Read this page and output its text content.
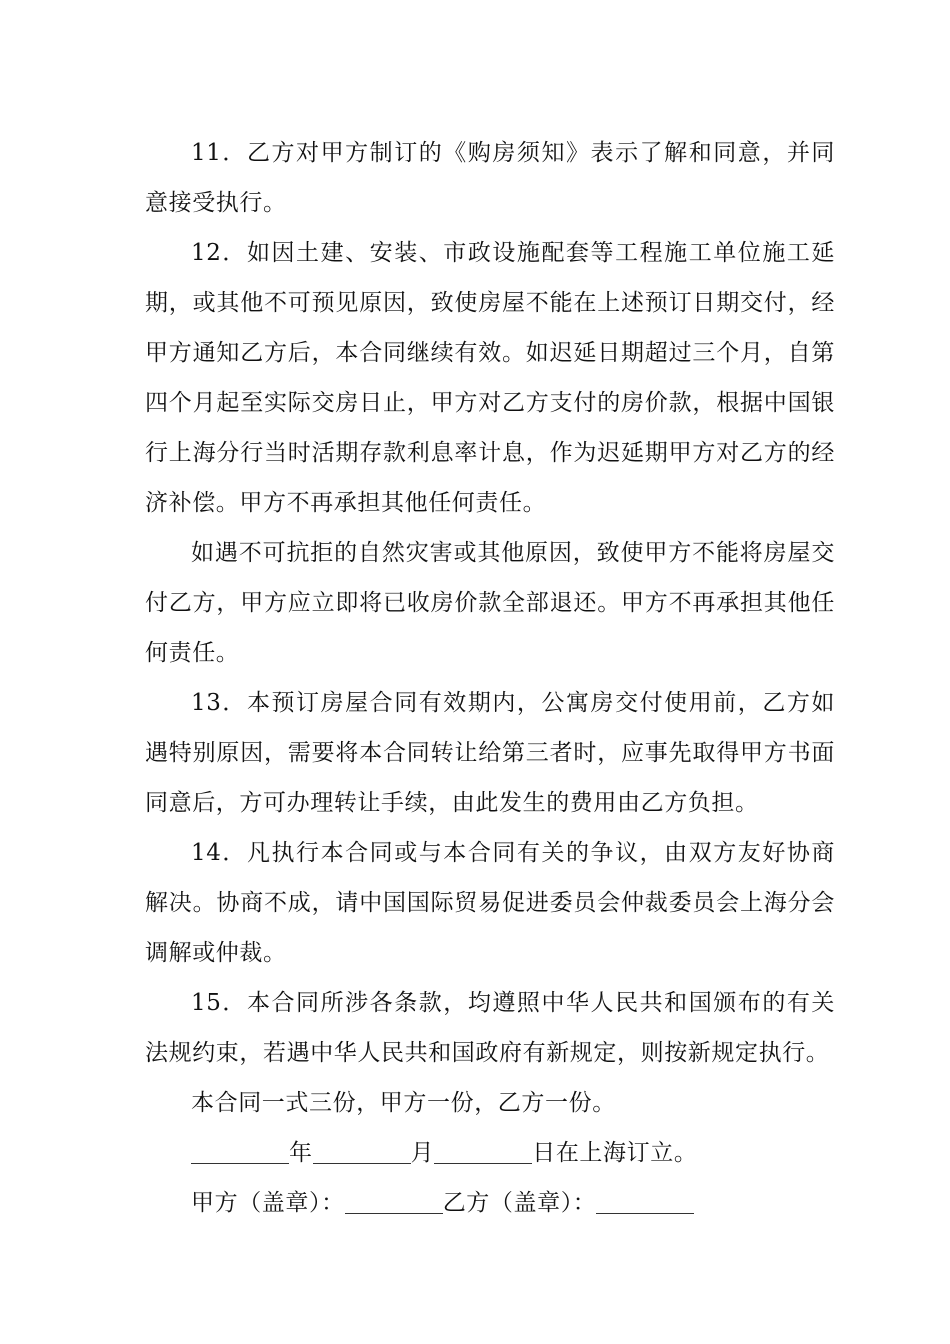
11．乙方对甲方制订的《购房须知》表示了解和同意，并同意接受执行。

12．如因土建、安装、市政设施配套等工程施工单位施工延期，或其他不可预见原因，致使房屋不能在上述预订日期交付，经甲方通知乙方后，本合同继续有效。如迟延日期超过三个月，自第四个月起至实际交房日止，甲方对乙方支付的房价款，根据中国银行上海分行当时活期存款利息率计息，作为迟延期甲方对乙方的经济补偿。甲方不再承担其他任何责任。

如遇不可抗拒的自然灾害或其他原因，致使甲方不能将房屋交付乙方，甲方应立即将已收房价款全部退还。甲方不再承担其他任何责任。

13．本预订房屋合同有效期内，公寓房交付使用前，乙方如遇特别原因，需要将本合同转让给第三者时，应事先取得甲方书面同意后，方可办理转让手续，由此发生的费用由乙方负担。

14．凡执行本合同或与本合同有关的争议，由双方友好协商解决。协商不成，请中国国际贸易促进委员会仲裁委员会上海分会调解或仲裁。

15．本合同所涉各条款，均遵照中华人民共和国颁布的有关法规约束，若遇中华人民共和国政府有新规定，则按新规定执行。

本合同一式三份，甲方一份，乙方一份。

年	月	日在上海订立。

甲方（盖章）：	乙方（盖章）：
